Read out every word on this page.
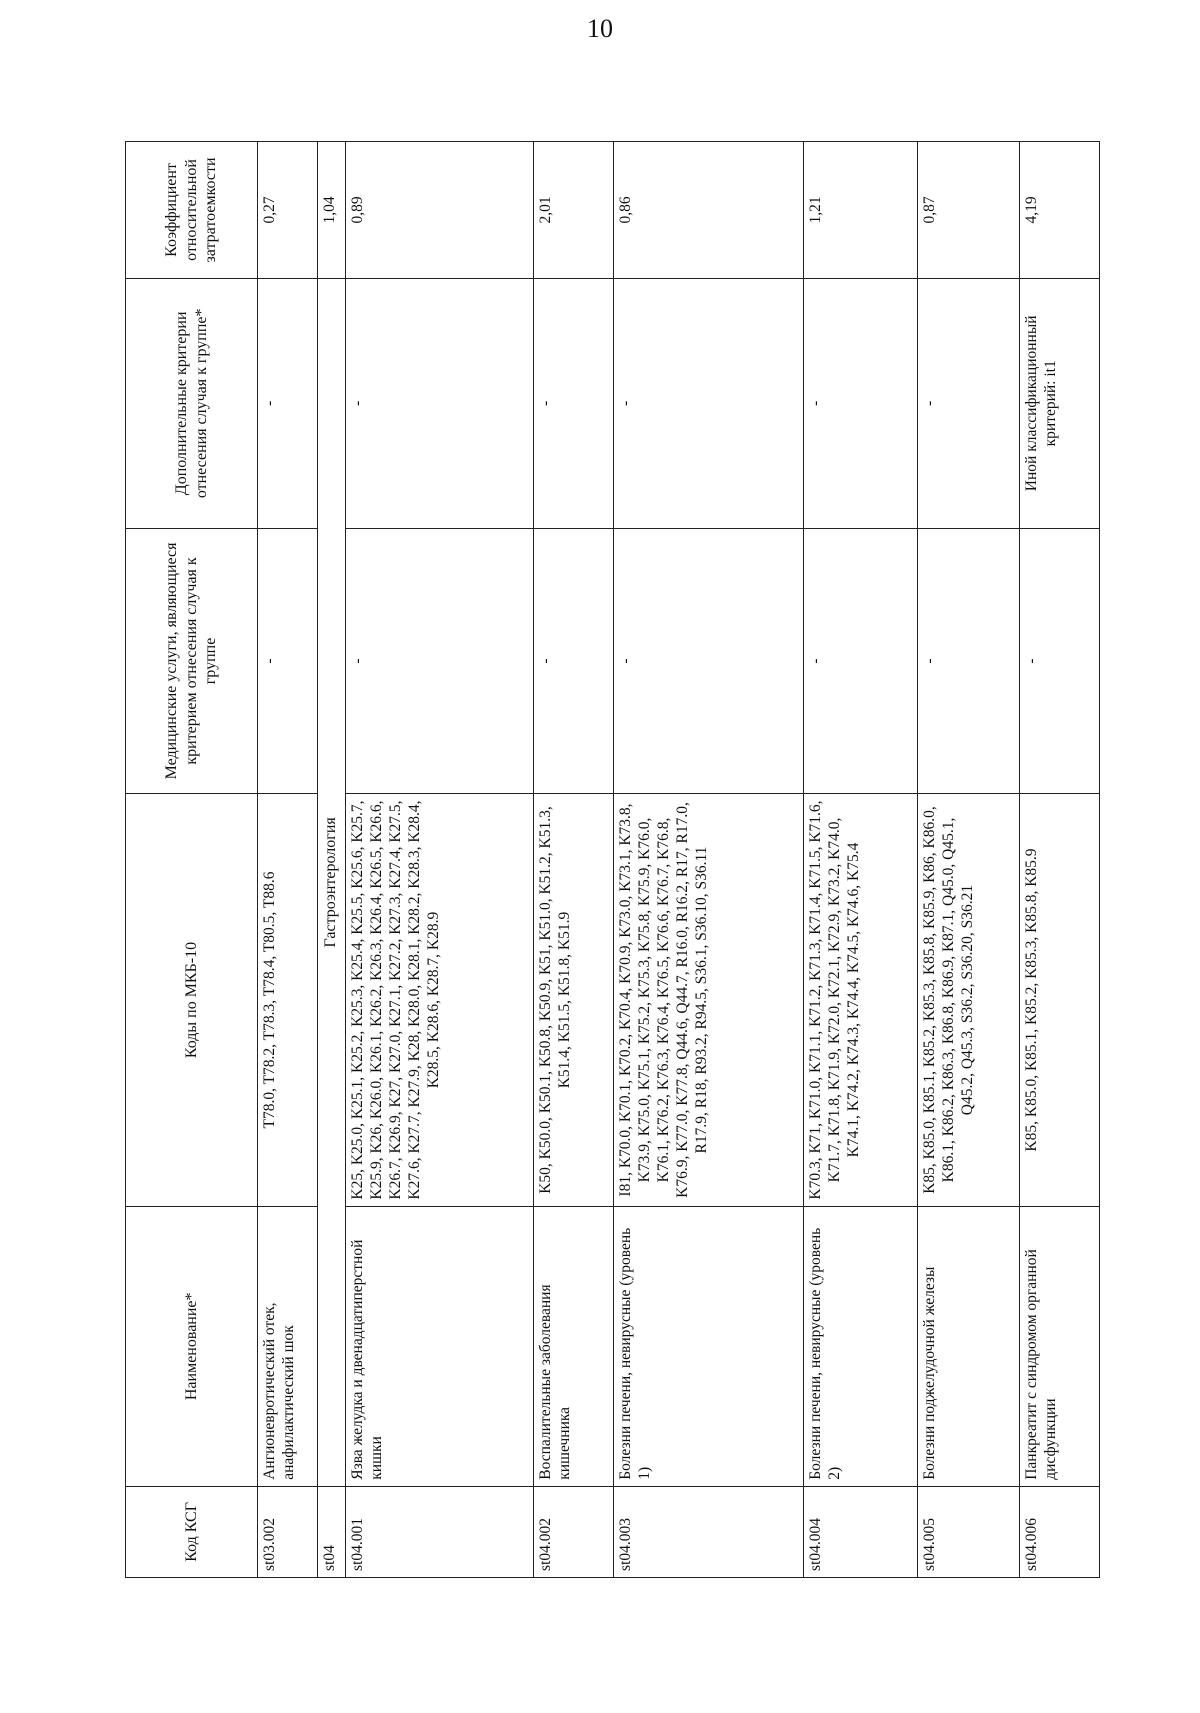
10
Код КСГ	Наименование*	Коды по МКБ-10	Медицинские услуги, являющиеся критерием отнесения случая к группе	Дополнительные критерии отнесения случая к группе*	Коэффициент относительной затратоемкости
st03.002	Ангионевротический отек, анафилактический шок	T78.0, T78.2, T78.3, T78.4, T80.5, T88.6	-	-	0,27
st04	Гастроэнтерология				1,04
st04.001	Язва желудка и двенадцатиперстной кишки	K25, K25.0, K25.1, K25.2, K25.3, K25.4, K25.5, K25.6, K25.7, K25.9, K26, K26.0, K26.1, K26.2, K26.3, K26.4, K26.5, K26.6, K26.7, K26.9, K27, K27.0, K27.1, K27.2, K27.3, K27.4, K27.5, K27.6, K27.7, K27.9, K28, K28.0, K28.1, K28.2, K28.3, K28.4, K28.5, K28.6, K28.7, K28.9	-	-	0,89
st04.002	Воспалительные заболевания кишечника	K50, K50.0, K50.1, K50.8, K50.9, K51, K51.0, K51.2, K51.3, K51.4, K51.5, K51.8, K51.9	-	-	2,01
st04.003	Болезни печени, невирусные (уровень 1)	I81, K70.0, K70.1, K70.2, K70.4, K70.9, K73.0, K73.1, K73.8, K73.9, K75.0, K75.1, K75.2, K75.3, K75.8, K75.9, K76.0, K76.1, K76.2, K76.3, K76.4, K76.5, K76.6, K76.7, K76.8, K76.9, K77.0, K77.8, Q44.6, Q44.7, R16.0, R16.2, R17, R17.0, R17.9, R18, R93.2, R94.5, S36.1, S36.10, S36.11	-	-	0,86
st04.004	Болезни печени, невирусные (уровень 2)	K70.3, K71, K71.0, K71.1, K71.2, K71.3, K71.4, K71.5, K71.6, K71.7, K71.8, K71.9, K72.0, K72.1, K72.9, K73.2, K74.0, K74.1, K74.2, K74.3, K74.4, K74.5, K74.6, K75.4	-	-	1,21
st04.005	Болезни поджелудочной железы	K85, K85.0, K85.1, K85.2, K85.3, K85.8, K85.9, K86, K86.0, K86.1, K86.2, K86.3, K86.8, K86.9, K87.1, Q45.0, Q45.1, Q45.2, Q45.3, S36.2, S36.20, S36.21	-	-	0,87
st04.006	Панкреатит с синдромом органной дисфункции	K85, K85.0, K85.1, K85.2, K85.3, K85.8, K85.9	-	Иной классификационный критерий: it1	4,19
